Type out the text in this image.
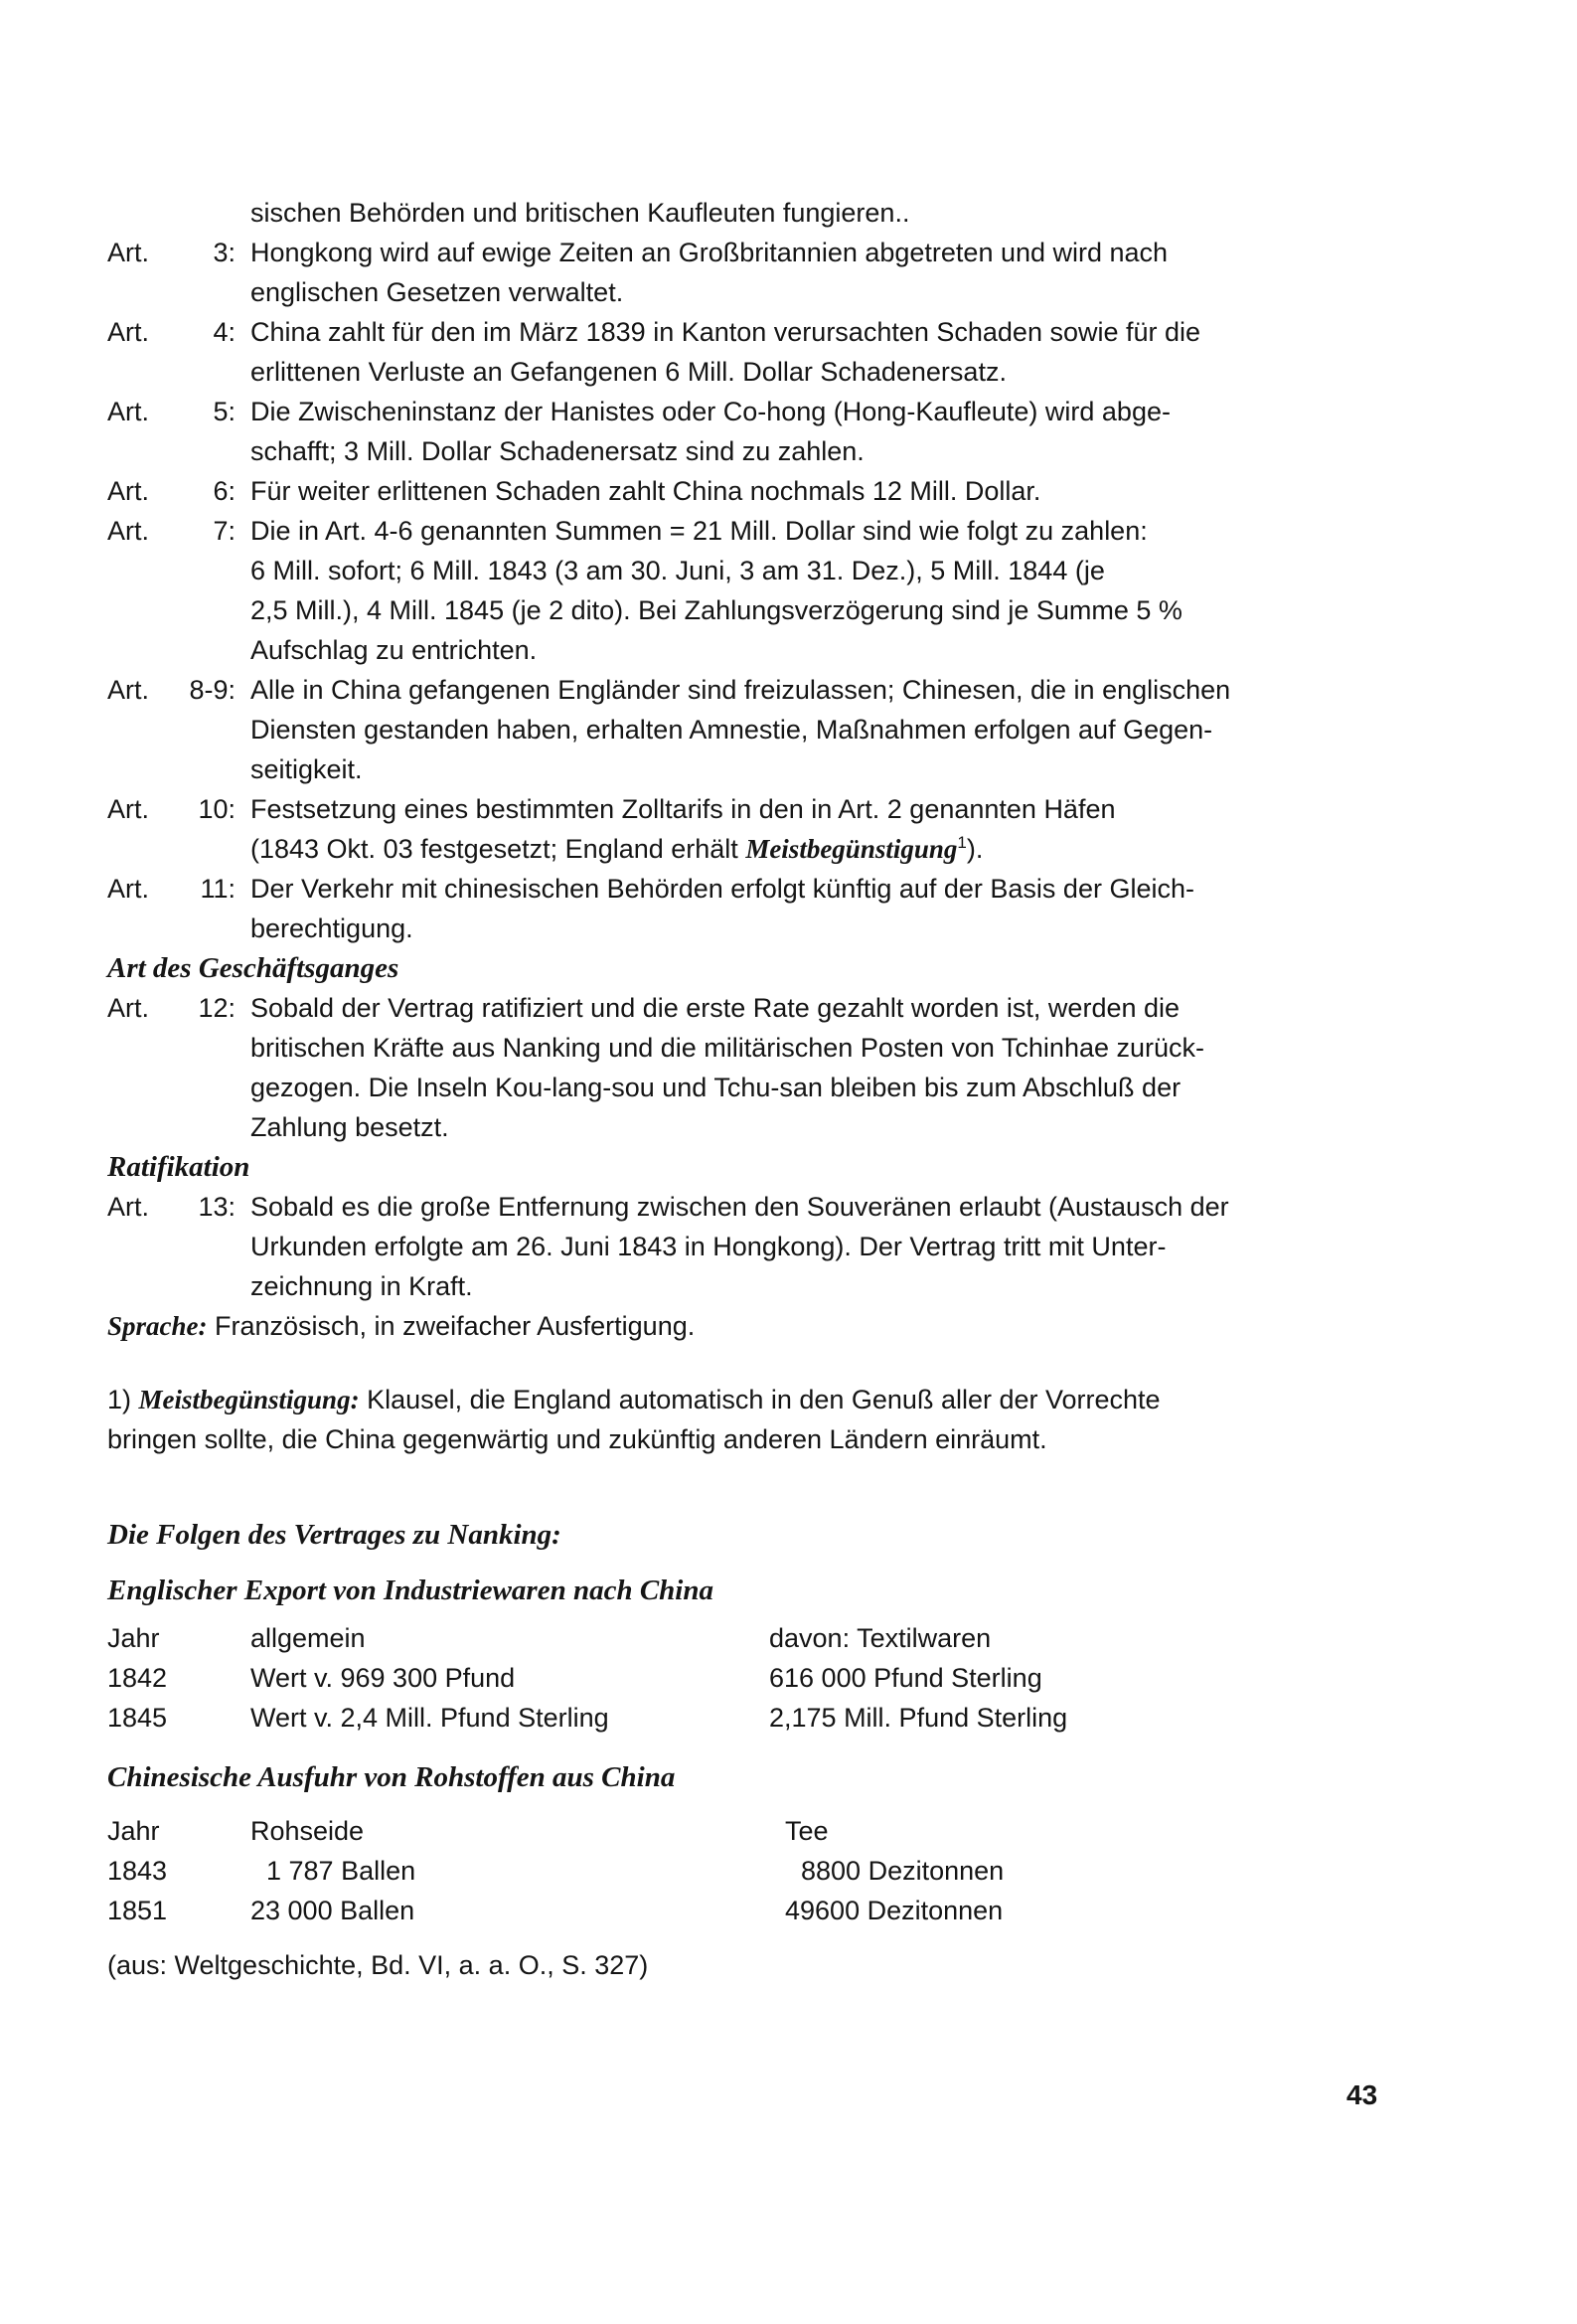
sischen Behörden und britischen Kaufleuten fungieren..
Art.	3: Hongkong wird auf ewige Zeiten an Großbritannien abgetreten und wird nach
englischen Gesetzen verwaltet.
Art.	4: China zahlt für den im März 1839 in Kanton verursachten Schaden sowie für die
erlittenen Verluste an Gefangenen 6 Mill. Dollar Schadenersatz.
Art.	5: Die Zwischeninstanz der Hanistes oder Co-hong (Hong-Kaufleute) wird abge-
schafft; 3 Mill. Dollar Schadenersatz sind zu zahlen.
Art.	6: Für weiter erlittenen Schaden zahlt China nochmals 12 Mill. Dollar.
Art.	7: Die in Art. 4-6 genannten Summen = 21 Mill. Dollar sind wie folgt zu zahlen:
6 Mill. sofort; 6 Mill. 1843 (3 am 30. Juni, 3 am 31. Dez.), 5 Mill. 1844 (je
2,5 Mill.), 4 Mill. 1845 (je 2 dito). Bei Zahlungsverzögerung sind je Summe 5 %
Aufschlag zu entrichten.
Art.	8-9: Alle in China gefangenen Engländer sind freizulassen; Chinesen, die in englischen
Diensten gestanden haben, erhalten Amnestie, Maßnahmen erfolgen auf Gegen-
seitigkeit.
Art.	10: Festsetzung eines bestimmten Zolltarifs in den in Art. 2 genannten Häfen
(1843 Okt. 03 festgesetzt; England erhält Meistbegünstigung$^1$).
Art.	11: Der Verkehr mit chinesischen Behörden erfolgt künftig auf der Basis der Gleich-
berechtigung.
Art des Geschäftsganges
Art.	12: Sobald der Vertrag ratifiziert und die erste Rate gezahlt worden ist, werden die
britischen Kräfte aus Nanking und die militärischen Posten von Tchinhae zurück-
gezogen. Die Inseln Kou-lang-sou und Tchu-san bleiben bis zum Abschluß der
Zahlung besetzt.
Ratifikation
Art.	13: Sobald es die große Entfernung zwischen den Souveränen erlaubt (Austausch der
Urkunden erfolgte am 26. Juni 1843 in Hongkong). Der Vertrag tritt mit Unter-
zeichnung in Kraft.
Sprache: Französisch, in zweifacher Ausfertigung.
1) Meistbegünstigung: Klausel, die England automatisch in den Genuß aller der Vorrechte
bringen sollte, die China gegenwärtig und zukünftig anderen Ländern einräumt.
Die Folgen des Vertrages zu Nanking:
Englischer Export von Industriewaren nach China
Jahr	allgemein	davon: Textilwaren
1842	Wert v. 969 300 Pfund	616 000 Pfund Sterling
1845	Wert v. 2,4 Mill. Pfund Sterling	2,175 Mill. Pfund Sterling
Chinesische Ausfuhr von Rohstoffen aus China
Jahr	Rohseide	Tee
1843	1 787 Ballen	8800 Dezitonnen
1851	23 000 Ballen	49600 Dezitonnen
(aus: Weltgeschichte, Bd. VI, a. a. O., S. 327)
43
